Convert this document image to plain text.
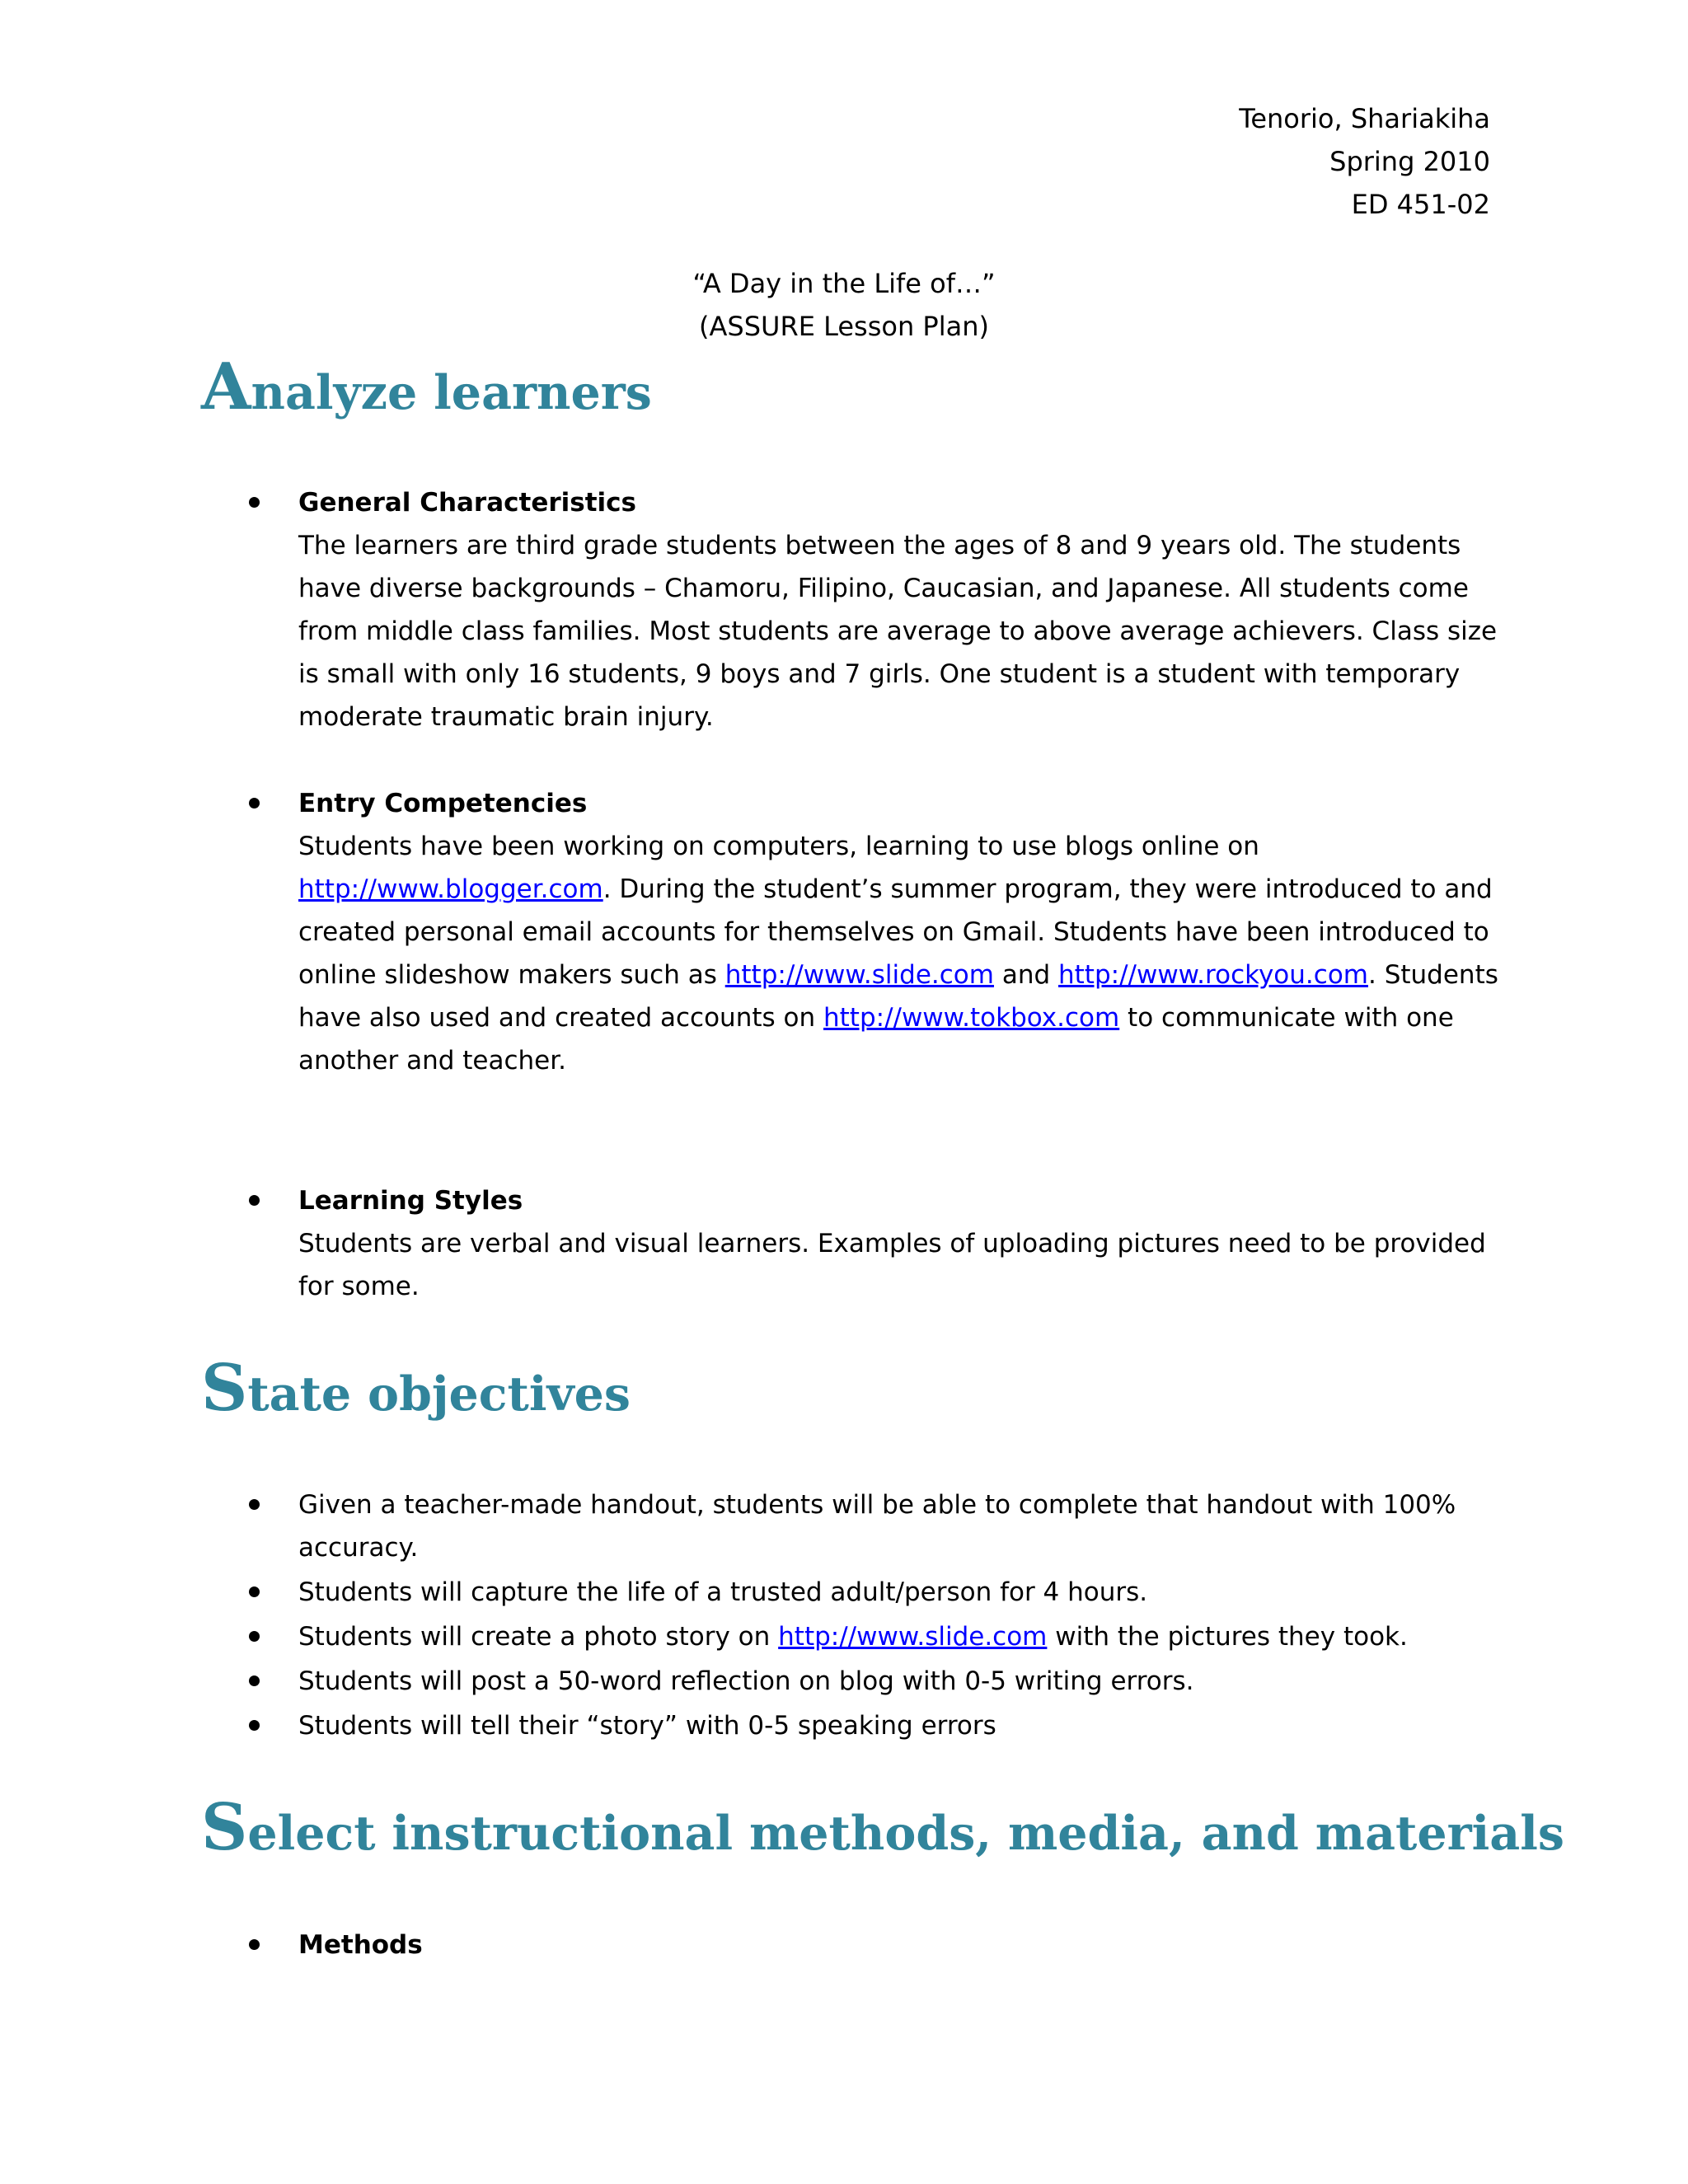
Tenorio, Shariakiha
Spring 2010
ED 451-02
“A Day in the Life of…”
(ASSURE Lesson Plan)
Analyze learners
General Characteristics
The learners are third grade students between the ages of 8 and 9 years old. The students have diverse backgrounds – Chamoru, Filipino, Caucasian, and Japanese. All students come from middle class families. Most students are average to above average achievers. Class size is small with only 16 students, 9 boys and 7 girls. One student is a student with temporary moderate traumatic brain injury.
Entry Competencies
Students have been working on computers, learning to use blogs online on http://www.blogger.com. During the student’s summer program, they were introduced to and created personal email accounts for themselves on Gmail. Students have been introduced to online slideshow makers such as http://www.slide.com and http://www.rockyou.com. Students have also used and created accounts on http://www.tokbox.com to communicate with one another and teacher.
Learning Styles
Students are verbal and visual learners. Examples of uploading pictures need to be provided for some.
State objectives
Given a teacher-made handout, students will be able to complete that handout with 100% accuracy.
Students will capture the life of a trusted adult/person for 4 hours.
Students will create a photo story on http://www.slide.com with the pictures they took.
Students will post a 50-word reflection on blog with 0-5 writing errors.
Students will tell their “story” with 0-5 speaking errors
Select instructional methods, media, and materials
Methods
